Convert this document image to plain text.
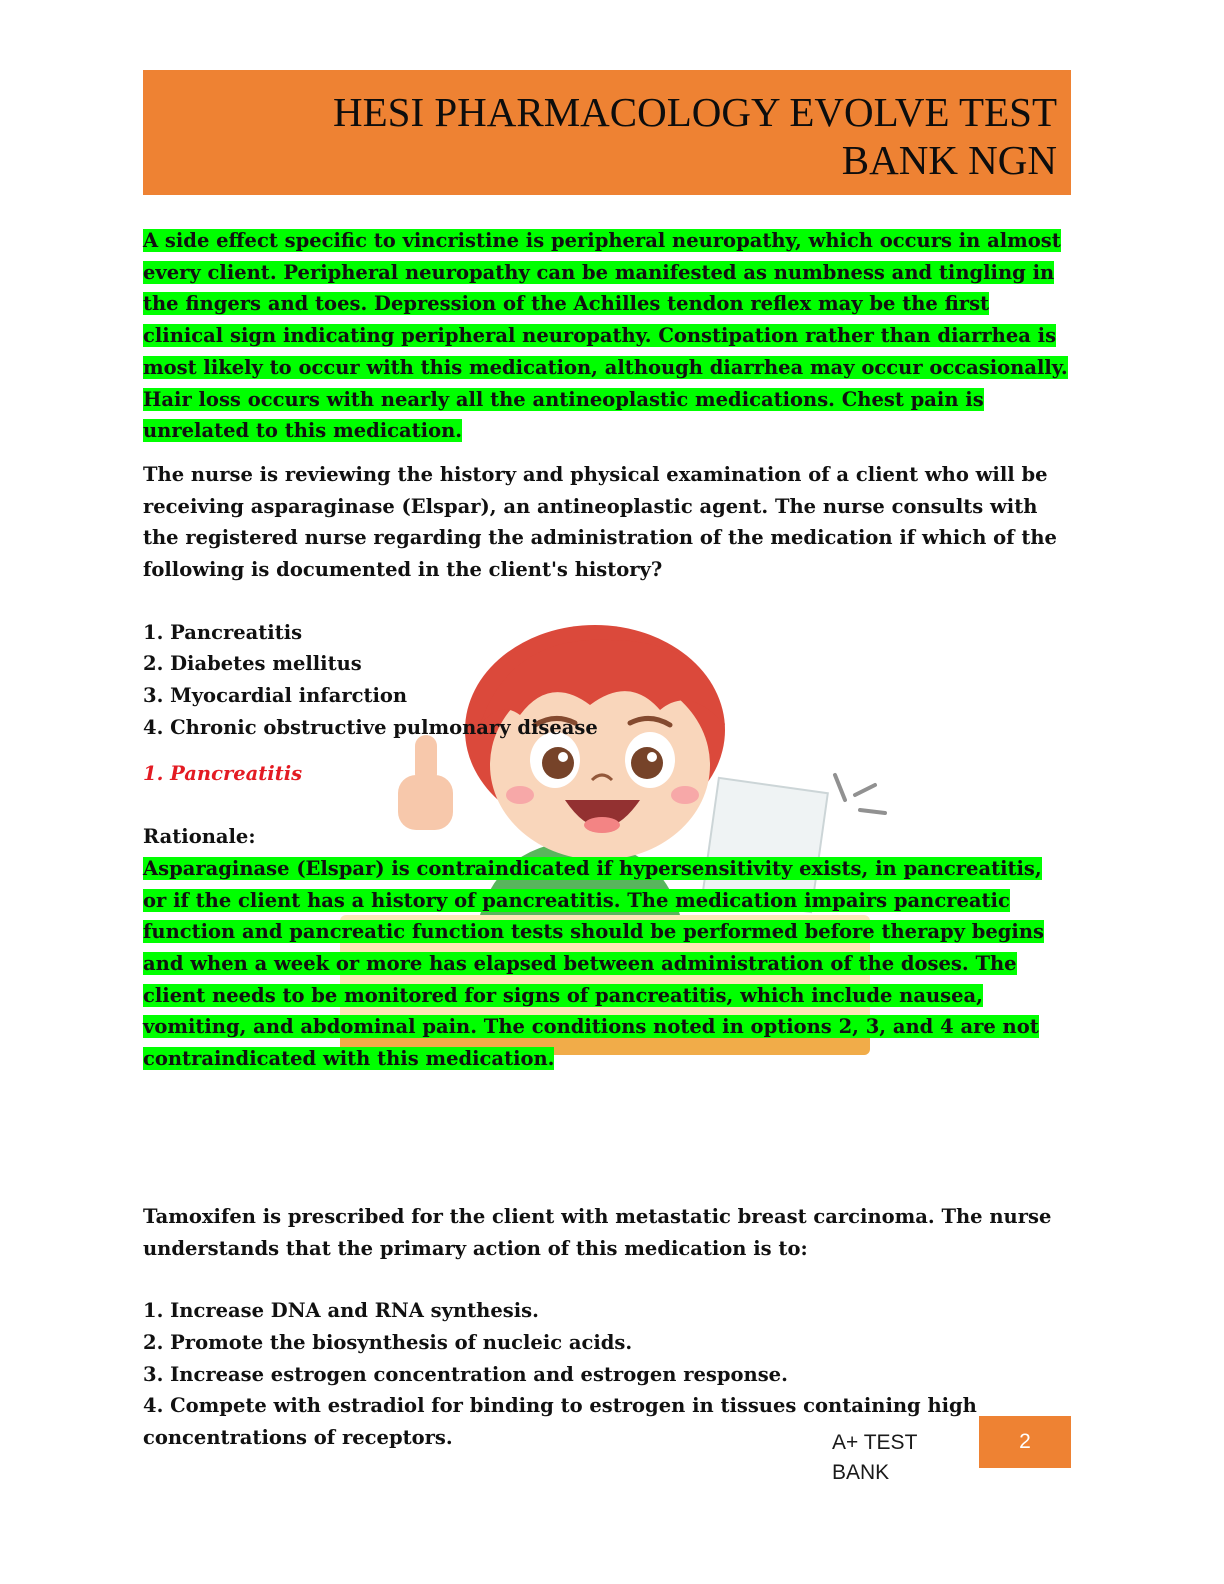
HESI PHARMACOLOGY EVOLVE TEST
BANK NGN

A side effect specific to vincristine is peripheral neuropathy, which occurs in almost every client. Peripheral neuropathy can be manifested as numbness and tingling in the fingers and toes. Depression of the Achilles tendon reflex may be the first clinical sign indicating peripheral neuropathy. Constipation rather than diarrhea is most likely to occur with this medication, although diarrhea may occur occasionally. Hair loss occurs with nearly all the antineoplastic medications. Chest pain is unrelated to this medication.

The nurse is reviewing the history and physical examination of a client who will be receiving asparaginase (Elspar), an antineoplastic agent. The nurse consults with the registered nurse regarding the administration of the medication if which of the following is documented in the client's history?

1. Pancreatitis

2. Diabetes mellitus

3. Myocardial infarction

4. Chronic obstructive pulmonary disease

1. Pancreatitis

Rationale:

Asparaginase (Elspar) is contraindicated if hypersensitivity exists, in pancreatitis, or if the client has a history of pancreatitis. The medication impairs pancreatic function and pancreatic function tests should be performed before therapy begins and when a week or more has elapsed between administration of the doses. The client needs to be monitored for signs of pancreatitis, which include nausea, vomiting, and abdominal pain. The conditions noted in options 2, 3, and 4 are not contraindicated with this medication.

Tamoxifen is prescribed for the client with metastatic breast carcinoma. The nurse understands that the primary action of this medication is to:

1. Increase DNA and RNA synthesis.

2. Promote the biosynthesis of nucleic acids.

3. Increase estrogen concentration and estrogen response.

4. Compete with estradiol for binding to estrogen in tissues containing high concentrations of receptors.	A+ TEST BANK
2
